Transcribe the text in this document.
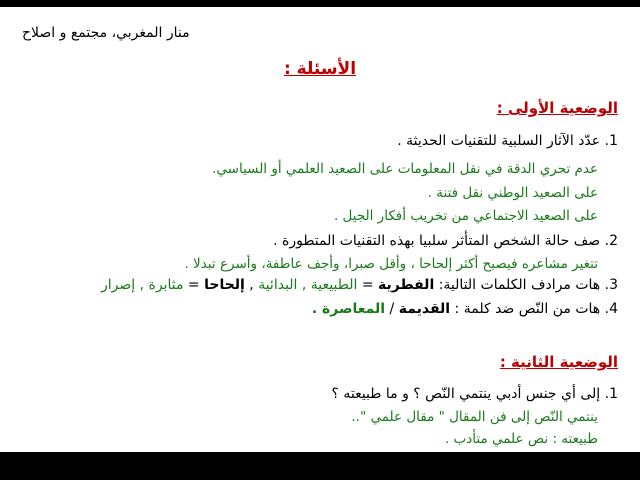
منار المغربي، مجتمع و اصلاح
الأسئلة :
الوضعية الأولى :
1. عدّد الآثار السلبية للتقنيات الحديثة .
عدم تحري الدقة في نقل المعلومات على الصعيد العلمي أو السياسي.
على الصعيد الوطني نقل فتنة .
على الصعيد الاجتماعي من تخريب أفكار الجيل .
2. صف حالة الشخص المتأثر سلبيا بهذه التقنيات المتطورة .
تتغير مشاعره فيصبح أكثر إلحاحا ، وأقل صبرا، وأجف عاطفة، وأسرع تبدلا .
3. هات مرادف الكلمات التالية: الفطرية = الطبيعية , البدائية , إلحاحا = مثابرة , إصرار
4. هات من النّص ضد كلمة : القديمة / المعاصرة .
الوضعية الثانية :
1. إلى أي جنس أدبي ينتمي النّص ؟ و ما طبيعته ؟
ينتمي النّص إلى فن المقال " مقال علمي "..
طبيعته : نص علمي متأدب .
